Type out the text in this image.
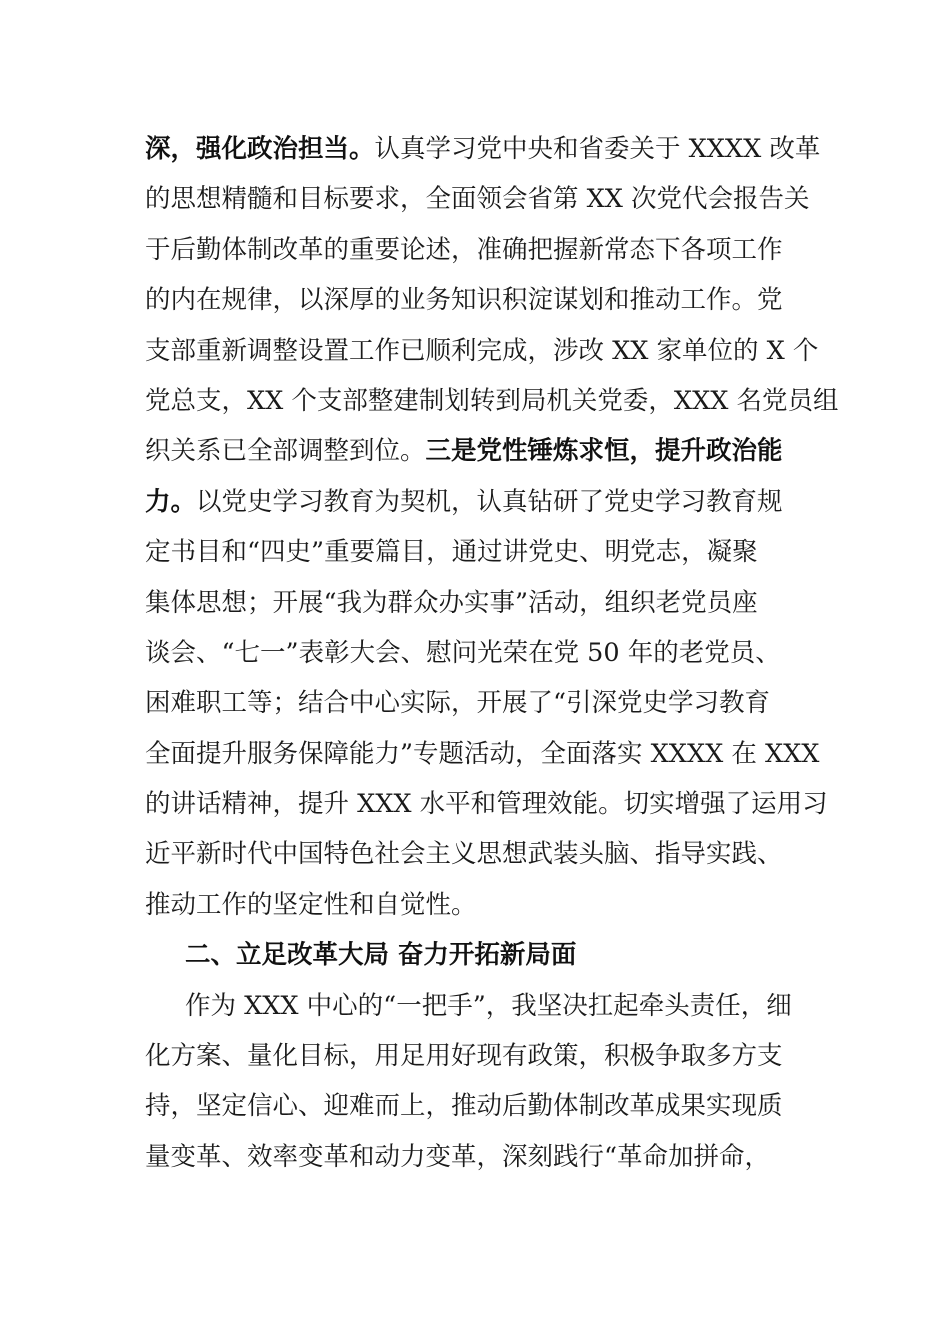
深，强化政治担当。认真学习党中央和省委关于 XXXX 改革
的思想精髓和目标要求，全面领会省第 XX 次党代会报告关
于后勤体制改革的重要论述，准确把握新常态下各项工作
的内在规律，以深厚的业务知识积淀谋划和推动工作。党
支部重新调整设置工作已顺利完成，涉改 XX 家单位的 X 个
党总支，XX 个支部整建制划转到局机关党委，XXX 名党员组
织关系已全部调整到位。三是党性锤炼求恒，提升政治能
力。以党史学习教育为契机，认真钻研了党史学习教育规
定书目和“四史”重要篇目，通过讲党史、明党志，凝聚
集体思想；开展“我为群众办实事”活动，组织老党员座
谈会、“七一”表彰大会、慰问光荣在党 50 年的老党员、
困难职工等；结合中心实际，开展了“引深党史学习教育
全面提升服务保障能力”专题活动，全面落实 XXXX 在 XXX
的讲话精神，提升 XXX 水平和管理效能。切实增强了运用习
近平新时代中国特色社会主义思想武装头脑、指导实践、
推动工作的坚定性和自觉性。
二、立足改革大局 奋力开拓新局面
作为 XXX 中心的“一把手”，我坚决扛起牵头责任，细
化方案、量化目标，用足用好现有政策，积极争取多方支
持，坚定信心、迎难而上，推动后勤体制改革成果实现质
量变革、效率变革和动力变革，深刻践行“革命加拼命，
